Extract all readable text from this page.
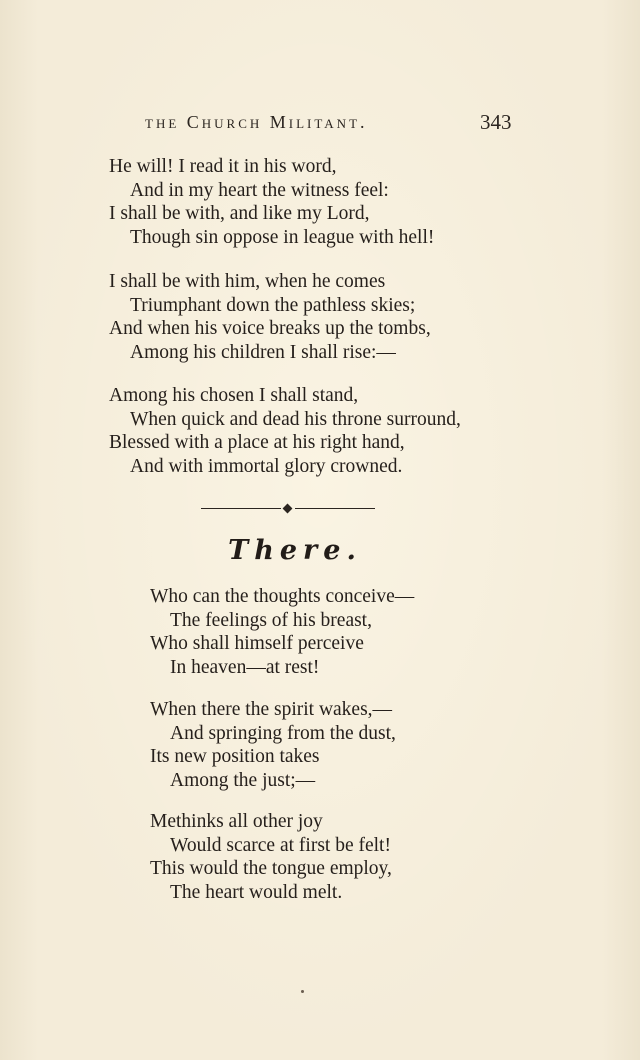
the Church Militant.	343
He will! I read it in his word,
And in my heart the witness feel:
I shall be with, and like my Lord,
Though sin oppose in league with hell!
I shall be with him, when he comes
Triumphant down the pathless skies;
And when his voice breaks up the tombs,
Among his children I shall rise:—
Among his chosen I shall stand,
When quick and dead his throne surround,
Blessed with a place at his right hand,
And with immortal glory crowned.
There.
Who can the thoughts conceive—
The feelings of his breast,
Who shall himself perceive
In heaven—at rest!
When there the spirit wakes,—
And springing from the dust,
Its new position takes
Among the just;—
Methinks all other joy
Would scarce at first be felt!
This would the tongue employ,
The heart would melt.
